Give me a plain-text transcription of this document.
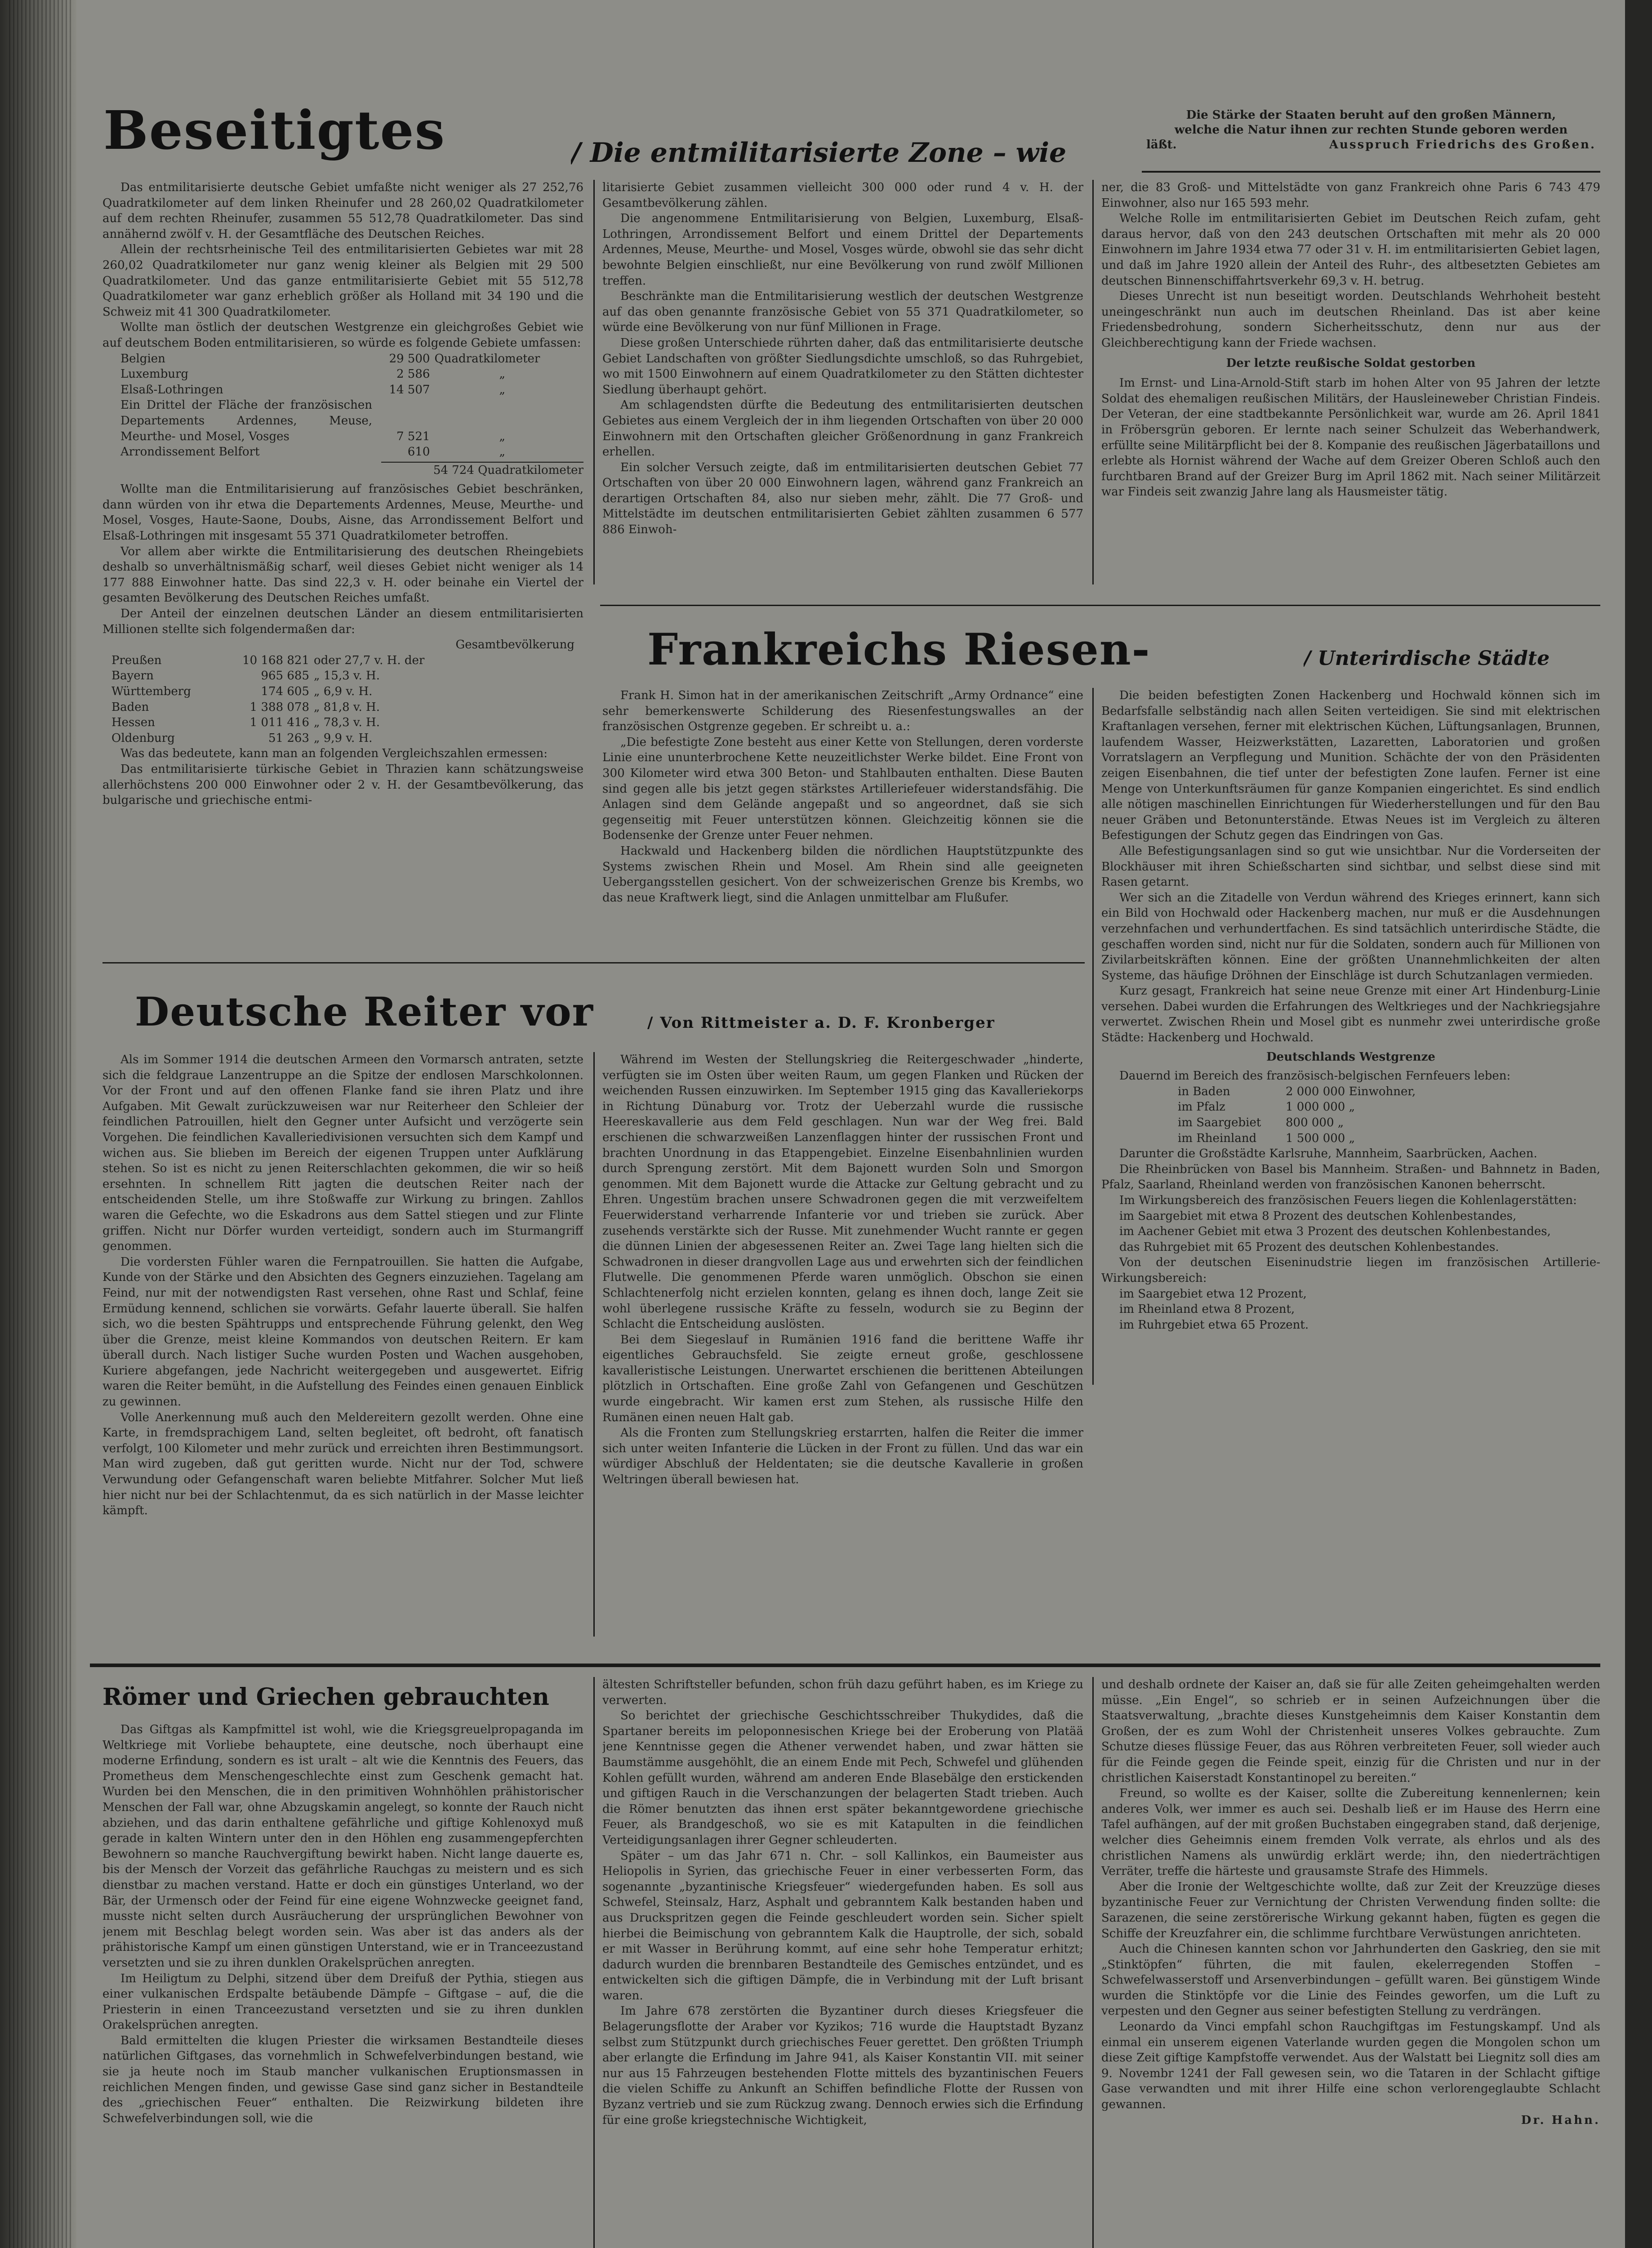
Beseitigtes	/ Die entmilitarisierte Zone – wie
Die Stärke der Staaten beruht auf den großen Männern,
welche die Natur ihnen zur rechten Stunde geboren werden
läßt.	Ausspruch Friedrichs des Großen.

Das entmilitarisierte deutsche Gebiet umfaßte nicht weniger als 27 252,76 Quadratkilometer auf dem linken Rheinufer und 28 260,02 Quadratkilometer auf dem rechten Rheinufer, zusammen 55 512,78 Quadratkilometer. Das sind annähernd zwölf v. H. der Gesamtfläche des Deutschen Reiches.

Allein der rechtsrheinische Teil des entmilitarisierten Gebietes war mit 28 260,02 Quadratkilometer nur ganz wenig kleiner als Belgien mit 29 500 Quadratkilometer. Und das ganze entmilitarisierte Gebiet mit 55 512,78 Quadratkilometer war ganz erheblich größer als Holland mit 34 190 und die Schweiz mit 41 300 Quadratkilometer.

Wollte man östlich der deutschen Westgrenze ein gleichgroßes Gebiet wie auf deutschem Boden entmilitarisieren, so würde es folgende Gebiete umfassen:

Belgien	29 500	Quadratkilometer
Luxemburg	2 586	„
Elsaß-Lothringen	14 507	„
Ein Drittel der Fläche der französischen Departements Ardennes, Meuse, Meurthe- und Mosel, Vosges	7 521	„
Arrondissement Belfort	610	„
54 724 Quadratkilometer

Wollte man die Entmilitarisierung auf französisches Gebiet beschränken, dann würden von ihr etwa die Departements Ardennes, Meuse, Meurthe- und Mosel, Vosges, Haute-Saone, Doubs, Aisne, das Arrondissement Belfort und Elsaß-Lothringen mit insgesamt 55 371 Quadratkilometer betroffen.

Vor allem aber wirkte die Entmilitarisierung des deutschen Rheingebiets deshalb so unverhältnismäßig scharf, weil dieses Gebiet nicht weniger als 14 177 888 Einwohner hatte. Das sind 22,3 v. H. oder beinahe ein Viertel der gesamten Bevölkerung des Deutschen Reiches umfaßt.

Der Anteil der einzelnen deutschen Länder an diesem entmilitarisierten Millionen stellte sich folgendermaßen dar:

Gesamtbevölkerung
Preußen	10 168 821	oder 27,7 v. H. der
Bayern	965 685	„ 15,3 v. H.
Württemberg	174 605	„ 6,9 v. H.
Baden	1 388 078	„ 81,8 v. H.
Hessen	1 011 416	„ 78,3 v. H.
Oldenburg	51 263	„ 9,9 v. H.

Was das bedeutete, kann man an folgenden Vergleichszahlen ermessen:

Das entmilitarisierte türkische Gebiet in Thrazien kann schätzungsweise allerhöchstens 200 000 Einwohner oder 2 v. H. der Gesamtbevölkerung, das bulgarische und griechische entmi-

litarisierte Gebiet zusammen vielleicht 300 000 oder rund 4 v. H. der Gesamtbevölkerung zählen.

Die angenommene Entmilitarisierung von Belgien, Luxemburg, Elsaß-Lothringen, Arrondissement Belfort und einem Drittel der Departements Ardennes, Meuse, Meurthe- und Mosel, Vosges würde, obwohl sie das sehr dicht bewohnte Belgien einschließt, nur eine Bevölkerung von rund zwölf Millionen treffen.

Beschränkte man die Entmilitarisierung westlich der deutschen Westgrenze auf das oben genannte französische Gebiet von 55 371 Quadratkilometer, so würde eine Bevölkerung von nur fünf Millionen in Frage.

Diese großen Unterschiede rührten daher, daß das entmilitarisierte deutsche Gebiet Landschaften von größter Siedlungsdichte umschloß, so das Ruhrgebiet, wo mit 1500 Einwohnern auf einem Quadratkilometer zu den Stätten dichtester Siedlung überhaupt gehört.

Am schlagendsten dürfte die Bedeutung des entmilitarisierten deutschen Gebietes aus einem Vergleich der in ihm liegenden Ortschaften von über 20 000 Einwohnern mit den Ortschaften gleicher Größenordnung in ganz Frankreich erhellen.

Ein solcher Versuch zeigte, daß im entmilitarisierten deutschen Gebiet 77 Ortschaften von über 20 000 Einwohnern lagen, während ganz Frankreich an derartigen Ortschaften 84, also nur sieben mehr, zählt. Die 77 Groß- und Mittelstädte im deutschen entmilitarisierten Gebiet zählten zusammen 6 577 886 Einwoh-

ner, die 83 Groß- und Mittelstädte von ganz Frankreich ohne Paris 6 743 479 Einwohner, also nur 165 593 mehr.

Welche Rolle im entmilitarisierten Gebiet im Deutschen Reich zufam, geht daraus hervor, daß von den 243 deutschen Ortschaften mit mehr als 20 000 Einwohnern im Jahre 1934 etwa 77 oder 31 v. H. im entmilitarisierten Gebiet lagen, und daß im Jahre 1920 allein der Anteil des Ruhr-, des altbesetzten Gebietes am deutschen Binnenschiffahrtsverkehr 69,3 v. H. betrug.

Dieses Unrecht ist nun beseitigt worden. Deutschlands Wehrhoheit besteht uneingeschränkt nun auch im deutschen Rheinland. Das ist aber keine Friedensbedrohung, sondern Sicherheitsschutz, denn nur aus der Gleichberechtigung kann der Friede wachsen.

Der letzte reußische Soldat gestorben

Im Ernst- und Lina-Arnold-Stift starb im hohen Alter von 95 Jahren der letzte Soldat des ehemaligen reußischen Militärs, der Hausleineweber Christian Findeis. Der Veteran, der eine stadtbekannte Persönlichkeit war, wurde am 26. April 1841 in Fröbersgrün geboren. Er lernte nach seiner Schulzeit das Weberhandwerk, erfüllte seine Militärpflicht bei der 8. Kompanie des reußischen Jägerbataillons und erlebte als Hornist während der Wache auf dem Greizer Oberen Schloß auch den furchtbaren Brand auf der Greizer Burg im April 1862 mit. Nach seiner Militärzeit war Findeis seit zwanzig Jahre lang als Hausmeister tätig.

Frankreichs Riesen-	/ Unterirdische Städte

Frank H. Simon hat in der amerikanischen Zeitschrift „Army Ordnance“ eine sehr bemerkenswerte Schilderung des Riesenfestungswalles an der französischen Ostgrenze gegeben. Er schreibt u. a.:

„Die befestigte Zone besteht aus einer Kette von Stellungen, deren vorderste Linie eine ununterbrochene Kette neuzeitlichster Werke bildet. Eine Front von 300 Kilometer wird etwa 300 Beton- und Stahlbauten enthalten. Diese Bauten sind gegen alle bis jetzt gegen stärkstes Artilleriefeuer widerstandsfähig. Die Anlagen sind dem Gelände angepaßt und so angeordnet, daß sie sich gegenseitig mit Feuer unterstützen können. Gleichzeitig können sie die Bodensenke der Grenze unter Feuer nehmen.

Hackwald und Hackenberg bilden die nördlichen Hauptstützpunkte des Systems zwischen Rhein und Mosel. Am Rhein sind alle geeigneten Uebergangsstellen gesichert. Von der schweizerischen Grenze bis Krembs, wo das neue Kraftwerk liegt, sind die Anlagen unmittelbar am Flußufer.

Die beiden befestigten Zonen Hackenberg und Hochwald können sich im Bedarfsfalle selbständig nach allen Seiten verteidigen. Sie sind mit elektrischen Kraftanlagen versehen, ferner mit elektrischen Küchen, Lüftungsanlagen, Brunnen, laufendem Wasser, Heizwerkstätten, Lazaretten, Laboratorien und großen Vorratslagern an Verpflegung und Munition. Schächte der von den Präsidenten zeigen Eisenbahnen, die tief unter der befestigten Zone laufen. Ferner ist eine Menge von Unterkunftsräumen für ganze Kompanien eingerichtet. Es sind endlich alle nötigen maschinellen Einrichtungen für Wiederherstellungen und für den Bau neuer Gräben und Betonunterstände. Etwas Neues ist im Vergleich zu älteren Befestigungen der Schutz gegen das Eindringen von Gas.

Alle Befestigungsanlagen sind so gut wie unsichtbar. Nur die Vorderseiten der Blockhäuser mit ihren Schießscharten sind sichtbar, und selbst diese sind mit Rasen getarnt.

Wer sich an die Zitadelle von Verdun während des Krieges erinnert, kann sich ein Bild von Hochwald oder Hackenberg machen, nur muß er die Ausdehnungen verzehnfachen und verhundertfachen. Es sind tatsächlich unterirdische Städte, die geschaffen worden sind, nicht nur für die Soldaten, sondern auch für Millionen von Zivilarbeitskräften können. Eine der größten Unannehmlichkeiten der alten Systeme, das häufige Dröhnen der Einschläge ist durch Schutzanlagen vermieden.

Kurz gesagt, Frankreich hat seine neue Grenze mit einer Art Hindenburg-Linie versehen. Dabei wurden die Erfahrungen des Weltkrieges und der Nachkriegsjahre verwertet. Zwischen Rhein und Mosel gibt es nunmehr zwei unterirdische große Städte: Hackenberg und Hochwald.

Deutschlands Westgrenze

Dauernd im Bereich des französisch-belgischen Fernfeuers leben:

in Baden	2 000 000 Einwohner,
im Pfalz	1 000 000 „
im Saargebiet	800 000 „
im Rheinland	1 500 000 „

Darunter die Großstädte Karlsruhe, Mannheim, Saarbrücken, Aachen.

Die Rheinbrücken von Basel bis Mannheim. Straßen- und Bahnnetz in Baden, Pfalz, Saarland, Rheinland werden von französischen Kanonen beherrscht.

Im Wirkungsbereich des französischen Feuers liegen die Kohlenlagerstätten:

im Saargebiet mit etwa 8 Prozent des deutschen Kohlenbestandes,
im Aachener Gebiet mit etwa 3 Prozent des deutschen Kohlenbestandes,
das Ruhrgebiet mit 65 Prozent des deutschen Kohlenbestandes.

Von der deutschen Eiseninudstrie liegen im französischen Artillerie-Wirkungsbereich:

im Saargebiet etwa 12 Prozent,
im Rheinland etwa 8 Prozent,
im Ruhrgebiet etwa 65 Prozent.
Deutsche Reiter vor	/ Von Rittmeister a. D. F. Kronberger

Als im Sommer 1914 die deutschen Armeen den Vormarsch antraten, setzte sich die feldgraue Lanzentruppe an die Spitze der endlosen Marschkolonnen. Vor der Front und auf den offenen Flanke fand sie ihren Platz und ihre Aufgaben. Mit Gewalt zurückzuweisen war nur Reiterheer den Schleier der feindlichen Patrouillen, hielt den Gegner unter Aufsicht und verzögerte sein Vorgehen. Die feindlichen Kavalleriedivisionen versuchten sich dem Kampf und wichen aus. Sie blieben im Bereich der eigenen Truppen unter Aufklärung stehen. So ist es nicht zu jenen Reiterschlachten gekommen, die wir so heiß ersehnten. In schnellem Ritt jagten die deutschen Reiter nach der entscheidenden Stelle, um ihre Stoßwaffe zur Wirkung zu bringen. Zahllos waren die Gefechte, wo die Eskadrons aus dem Sattel stiegen und zur Flinte griffen. Nicht nur Dörfer wurden verteidigt, sondern auch im Sturmangriff genommen.

Die vordersten Fühler waren die Fernpatrouillen. Sie hatten die Aufgabe, Kunde von der Stärke und den Absichten des Gegners einzuziehen. Tagelang am Feind, nur mit der notwendigsten Rast versehen, ohne Rast und Schlaf, feine Ermüdung kennend, schlichen sie vorwärts. Gefahr lauerte überall. Sie halfen sich, wo die besten Spähtrupps und entsprechende Führung gelenkt, den Weg über die Grenze, meist kleine Kommandos von deutschen Reitern. Er kam überall durch. Nach listiger Suche wurden Posten und Wachen ausgehoben, Kuriere abgefangen, jede Nachricht weitergegeben und ausgewertet. Eifrig waren die Reiter bemüht, in die Aufstellung des Feindes einen genauen Einblick zu gewinnen.

Volle Anerkennung muß auch den Meldereitern gezollt werden. Ohne eine Karte, in fremdsprachigem Land, selten begleitet, oft bedroht, oft fanatisch verfolgt, 100 Kilometer und mehr zurück und erreichten ihren Bestimmungsort. Man wird zugeben, daß gut geritten wurde. Nicht nur der Tod, schwere Verwundung oder Gefangenschaft waren beliebte Mitfahrer. Solcher Mut ließ hier nicht nur bei der Schlachtenmut, da es sich natürlich in der Masse leichter kämpft.

Während im Westen der Stellungskrieg die Reitergeschwader „hinderte, verfügten sie im Osten über weiten Raum, um gegen Flanken und Rücken der weichenden Russen einzuwirken. Im September 1915 ging das Kavalleriekorps in Richtung Dünaburg vor. Trotz der Ueberzahl wurde die russische Heereskavallerie aus dem Feld geschlagen. Nun war der Weg frei. Bald erschienen die schwarzweißen Lanzenflaggen hinter der russischen Front und brachten Unordnung in das Etappengebiet. Einzelne Eisenbahnlinien wurden durch Sprengung zerstört. Mit dem Bajonett wurden Soln und Smorgon genommen. Mit dem Bajonett wurde die Attacke zur Geltung gebracht und zu Ehren. Ungestüm brachen unsere Schwadronen gegen die mit verzweifeltem Feuerwiderstand verharrende Infanterie vor und trieben sie zurück. Aber zusehends verstärkte sich der Russe. Mit zunehmender Wucht rannte er gegen die dünnen Linien der abgesessenen Reiter an. Zwei Tage lang hielten sich die Schwadronen in dieser drangvollen Lage aus und erwehrten sich der feindlichen Flutwelle. Die genommenen Pferde waren unmöglich. Obschon sie einen Schlachtenerfolg nicht erzielen konnten, gelang es ihnen doch, lange Zeit sie wohl überlegene russische Kräfte zu fesseln, wodurch sie zu Beginn der Schlacht die Entscheidung auslösten.

Bei dem Siegeslauf in Rumänien 1916 fand die berittene Waffe ihr eigentliches Gebrauchsfeld. Sie zeigte erneut große, geschlossene kavalleristische Leistungen. Unerwartet erschienen die berittenen Abteilungen plötzlich in Ortschaften. Eine große Zahl von Gefangenen und Geschützen wurde eingebracht. Wir kamen erst zum Stehen, als russische Hilfe den Rumänen einen neuen Halt gab.

Als die Fronten zum Stellungskrieg erstarrten, halfen die Reiter die immer sich unter weiten Infanterie die Lücken in der Front zu füllen. Und das war ein würdiger Abschluß der Heldentaten; sie die deutsche Kavallerie in großen Weltringen überall bewiesen hat.

Römer und Griechen gebrauchten

Das Giftgas als Kampfmittel ist wohl, wie die Kriegsgreuelpropaganda im Weltkriege mit Vorliebe behauptete, eine deutsche, noch überhaupt eine moderne Erfindung, sondern es ist uralt – alt wie die Kenntnis des Feuers, das Prometheus dem Menschengeschlechte einst zum Geschenk gemacht hat. Wurden bei den Menschen, die in den primitiven Wohnhöhlen prähistorischer Menschen der Fall war, ohne Abzugskamin angelegt, so konnte der Rauch nicht abziehen, und das darin enthaltene gefährliche und giftige Kohlenoxyd muß gerade in kalten Wintern unter den in den Höhlen eng zusammengepferchten Bewohnern so manche Rauchvergiftung bewirkt haben. Nicht lange dauerte es, bis der Mensch der Vorzeit das gefährliche Rauchgas zu meistern und es sich dienstbar zu machen verstand. Hatte er doch ein günstiges Unterland, wo der Bär, der Urmensch oder der Feind für eine eigene Wohnzwecke geeignet fand, musste nicht selten durch Ausräucherung der ursprünglichen Bewohner von jenem mit Beschlag belegt worden sein. Was aber ist das anders als der prähistorische Kampf um einen günstigen Unterstand, wie er in Tranceezustand versetzten und sie zu ihren dunklen Orakelsprüchen anregten.

Im Heiligtum zu Delphi, sitzend über dem Dreifuß der Pythia, stiegen aus einer vulkanischen Erdspalte betäubende Dämpfe – Giftgase – auf, die die Priesterin in einen Tranceezustand versetzten und sie zu ihren dunklen Orakelsprüchen anregten.

Bald ermittelten die klugen Priester die wirksamen Bestandteile dieses natürlichen Giftgases, das vornehmlich in Schwefelverbindungen bestand, wie sie ja heute noch im Staub mancher vulkanischen Eruptionsmassen in reichlichen Mengen finden, und gewisse Gase sind ganz sicher in Bestandteile des „griechischen Feuer“ enthalten. Die Reizwirkung bildeten ihre Schwefelverbindungen soll, wie die

ältesten Schriftsteller befunden, schon früh dazu geführt haben, es im Kriege zu verwerten.

So berichtet der griechische Geschichtsschreiber Thukydides, daß die Spartaner bereits im peloponnesischen Kriege bei der Eroberung von Platää jene Kenntnisse gegen die Athener verwendet haben, und zwar hätten sie Baumstämme ausgehöhlt, die an einem Ende mit Pech, Schwefel und glühenden Kohlen gefüllt wurden, während am anderen Ende Blasebälge den erstickenden und giftigen Rauch in die Verschanzungen der belagerten Stadt trieben. Auch die Römer benutzten das ihnen erst später bekanntgewordene griechische Feuer, als Brandgeschoß, wo sie es mit Katapulten in die feindlichen Verteidigungsanlagen ihrer Gegner schleuderten.

Später – um das Jahr 671 n. Chr. – soll Kallinkos, ein Baumeister aus Heliopolis in Syrien, das griechische Feuer in einer verbesserten Form, das sogenannte „byzantinische Kriegsfeuer“ wiedergefunden haben. Es soll aus Schwefel, Steinsalz, Harz, Asphalt und gebranntem Kalk bestanden haben und aus Druckspritzen gegen die Feinde geschleudert worden sein. Sicher spielt hierbei die Beimischung von gebranntem Kalk die Hauptrolle, der sich, sobald er mit Wasser in Berührung kommt, auf eine sehr hohe Temperatur erhitzt; dadurch wurden die brennbaren Bestandteile des Gemisches entzündet, und es entwickelten sich die giftigen Dämpfe, die in Verbindung mit der Luft brisant waren.

Im Jahre 678 zerstörten die Byzantiner durch dieses Kriegsfeuer die Belagerungsflotte der Araber vor Kyzikos; 716 wurde die Hauptstadt Byzanz selbst zum Stützpunkt durch griechisches Feuer gerettet. Den größten Triumph aber erlangte die Erfindung im Jahre 941, als Kaiser Konstantin VII. mit seiner nur aus 15 Fahrzeugen bestehenden Flotte mittels des byzantinischen Feuers die vielen Schiffe zu Ankunft an Schiffen befindliche Flotte der Russen von Byzanz vertrieb und sie zum Rückzug zwang. Dennoch erwies sich die Erfindung für eine große kriegstechnische Wichtigkeit,

und deshalb ordnete der Kaiser an, daß sie für alle Zeiten geheimgehalten werden müsse. „Ein Engel“, so schrieb er in seinen Aufzeichnungen über die Staatsverwaltung, „brachte dieses Kunstgeheimnis dem Kaiser Konstantin dem Großen, der es zum Wohl der Christenheit unseres Volkes gebrauchte. Zum Schutze dieses flüssige Feuer, das aus Röhren verbreiteten Feuer, soll wieder auch für die Feinde gegen die Feinde speit, einzig für die Christen und nur in der christlichen Kaiserstadt Konstantinopel zu bereiten.“

Freund, so wollte es der Kaiser, sollte die Zubereitung kennenlernen; kein anderes Volk, wer immer es auch sei. Deshalb ließ er im Hause des Herrn eine Tafel aufhängen, auf der mit großen Buchstaben eingegraben stand, daß derjenige, welcher dies Geheimnis einem fremden Volk verrate, als ehrlos und als des christlichen Namens als unwürdig erklärt werde; ihn, den niederträchtigen Verräter, treffe die härteste und grausamste Strafe des Himmels.

Aber die Ironie der Weltgeschichte wollte, daß zur Zeit der Kreuzzüge dieses byzantinische Feuer zur Vernichtung der Christen Verwendung finden sollte: die Sarazenen, die seine zerstörerische Wirkung gekannt haben, fügten es gegen die Schiffe der Kreuzfahrer ein, die schlimme furchtbare Verwüstungen anrichteten.

Auch die Chinesen kannten schon vor Jahrhunderten den Gaskrieg, den sie mit „Stinktöpfen“ führten, die mit faulen, ekelerregenden Stoffen – Schwefelwasserstoff und Arsenverbindungen – gefüllt waren. Bei günstigem Winde wurden die Stinktöpfe vor die Linie des Feindes geworfen, um die Luft zu verpesten und den Gegner aus seiner befestigten Stellung zu verdrängen.

Leonardo da Vinci empfahl schon Rauchgiftgas im Festungskampf. Und als einmal ein unserem eigenen Vaterlande wurden gegen die Mongolen schon um diese Zeit giftige Kampfstoffe verwendet. Aus der Walstatt bei Liegnitz soll dies am 9. Novembr 1241 der Fall gewesen sein, wo die Tataren in der Schlacht giftige Gase verwandten und mit ihrer Hilfe eine schon verlorengeglaubte Schlacht gewannen.

Dr. Hahn.
